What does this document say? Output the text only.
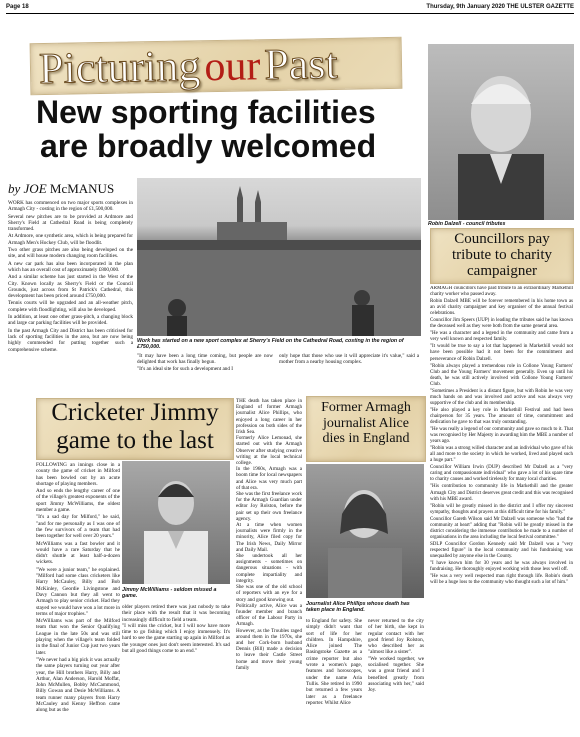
Page 18	Thursday, 9th January 2020 THE ULSTER GAZETTE
PicturingourPast
New sporting facilities
are broadly welcomed
by JOE McMANUS

WORK has commenced on two major sports complexes in Armagh City - costing in the region of £1,500,000.

Several new pitches are to be provided at Ardmore and Sherry's Field at Cathedral Road is being completely transformed.

At Ardmore, one synthetic area, which is being prepared for Armagh Men's Hockey Club, will be floodlit.

Two other grass pitches are also being developed on the site, and will house modern changing room facilities.

A new car park has also been incorporated in the plan which has an overall cost of approximately £800,000.

And a similar scheme has just started in the West of the City. Known locally as Sherry's Field or the Council Grounds, just across from St Patrick's Cathedral, this development has been priced around £750,000.

Tennis courts will be upgraded and an all-weather pitch, complete with floodlighting, will also be developed.

In addition, at least one other grass-pitch, a changing block and large car parking facilities will be provided.

In the past Armagh City and District has been criticised for lack of sporting facilities in the area, but are now being highly commended for putting together such a comprehensive scheme.

Work has started on a new sport complex at Sherry's Field on the Cathedral Road, costing in the region of £750,000.
"It may have been a long time coming, but people are now delighted that work has finally begun.
"It's an ideal site for such a development and I
only hope that those who use it will appreciate it's value," said a mother from a nearby housing complex.
Robin Dalzell - council tributes
Councillors pay tribute to charity campaigner

ARMAGH councillors have paid tribute to an extraordinary Markethill charity worker who passed away.

Robin Dalzell MBE will be forever remembered in his home town as an avid charity campaigner and key organiser of the annual festival celebrations.

Councillor Jim Speers (UUP) in leading the tributes said he has known the deceased well as they were both from the same general area.

"He was a character and a legend in the community and came from a very well known and respected family.

"It would be true to say a lot that happened in Markethill would not have been possible had it not been for the commitment and perseverance of Robin Dalzell.

"Robin always played a tremendous role in Collone Young Farmers' Club and the Young Farmers' movement generally. Even up until his death, he was still actively involved with Collone Young Farmers' Club.

"Sometimes a President is a distant figure, but with Robin he was very much hands on and was involved and active and was always very supportive of the club and its membership.

"He also played a key role in Markethill Festival and had been chairperson for 35 years. The amount of time, commitment and dedication he gave to that was truly outstanding.

"He was really a legend of our community and gave so much to it. That was recognised by Her Majesty in awarding him the MBE a number of years ago.

"Robin was a strong willed character and an individual who gave of his all and more to the society in which he worked, lived and played such a huge part."

Councillor William Irwin (DUP) described Mr Dalzell as a "very caring and compassionate individual" who gave a lot of his spare time to charity causes and worked tirelessly for many local charities.

"His contribution to community life in Markethill and the greater Armagh City and District deserves great credit and this was recognised with his MBE award.

"Robin will be greatly missed in the district and I offer my sincerest sympathy, thoughts and prayers at this difficult time for his family."

Councillor Gareth Wilson said Mr Dalzell was someone who "had the community at heart" adding that "Robin will be greatly missed in the district considering the immense contribution he made to a number of organisations in the area including the local festival committee."

SDLP Councillor Gordon Kennedy said Mr Dalzell was a "very respected figure" in the local community and his fundraising was unequalled by anyone else in the County.

"I have known him for 30 years and he was always involved in fundraising. He thoroughly enjoyed working with those less well off.

"He was a very well respected man right through life. Robin's death will be a huge loss to the community who thought such a lot of him."

Cricketer Jimmy
game to the last

FOLLOWING an innings close in a county the game of cricket in Milford has been bowled out by an acute shortage of playing members.

And so ends the lengthy career of one of the village's greatest exponents of the sport Jimmy McWilliams, the oldest member a game.

"It's a sad day for Milford," he said, "and for me personally as I was one of the few survivors of a team that had been together for well over 20 years."

McWilliams was a fast bowler and it would have a rare Saturday that he didn't shuttle at least half-a-dozen wickets.

"We were a junior team," he explained. "Milford had some class cricketers like Harry McCauley, Billy and Bob McKinley, Geordie Livingstone and Davy Cannon but they all went to Armagh to play senior cricket. Had they stayed we would have won a lot more in terms of major trophies."

McWilliams was part of the Milford team that won the Senior Qualifying League in the late 50s and was still playing when the village's team folded in the final of Junior Cup just two years later.

"We never had a big pick it was actually the same players turning out year after year, the Hill brothers Harry, Billy and Arthur, Alan Anderson, Harold Moffat, John McMullen, Bobby McCammond, Billy Gowan and Desie McWilliams. A team runner many players from Harry McCauley and Kenny Heffron came along but as the

Jimmy McWilliams - seldom missed a game.
older players retired there was just nobody to take their place with the result that it was becoming increasingly difficult to field a team.
"I will miss the cricket, but I will now have more time to go fishing which I enjoy immensely. It's hard to see the game starting up again in Milford as the younger ones just don't seem interested. It's sad but all good things come to an end."
THE death has taken place in England of former Armagh journalist Alice Phillips, who enjoyed a long career in her profession on both sides of the Irish Sea.
Formerly Alice Lemonad, she started out with the Armagh Observer after studying creative writing at the local technical college.
In the 1960s, Armagh was a boom time for local newspapers and Alice was very much part of that era.
She was the first freelance work for the Armagh Guardian under editor Joy Rolston, before the pair set up their own freelance agency.
At a time when women journalists were firmly in the minority, Alice filed copy for The Irish News, Daily Mirror and Daily Mail.
She undertook all her assignments - sometimes on dangerous situations - with complete impartiality and integrity.
She was one of the old school of reporters with an eye for a story and good knowing out.
Politically active, Alice was a founder member and branch officer of the Labour Party in Armagh.
However, as the Troubles raged around them in the 1970s, she and her Cork-born husband Dennis (Bill) made a decision to leave their Castle Street home and move their young family
Former Armagh journalist Alice dies in England
Journalist Alice Phillips whose death has taken place in England.
to England for safety. She simply didn't want that sort of life for her children. In Hampshire, Alice joined The Basingstoke Gazette as a crime reporter but also wrote a women's page, features and horoscopes, under the name Aria Tullis. She retired in 1990 but returned a few years later as a freelance reporter. Whilst Alice
never returned to the city of her birth, she kept in regular contact with her good friend Joy Rolston, who described her as "almost like a sister".
"We worked together, we socialised together. She was a great friend and I benefited greatly from associating with her," said Joy.
